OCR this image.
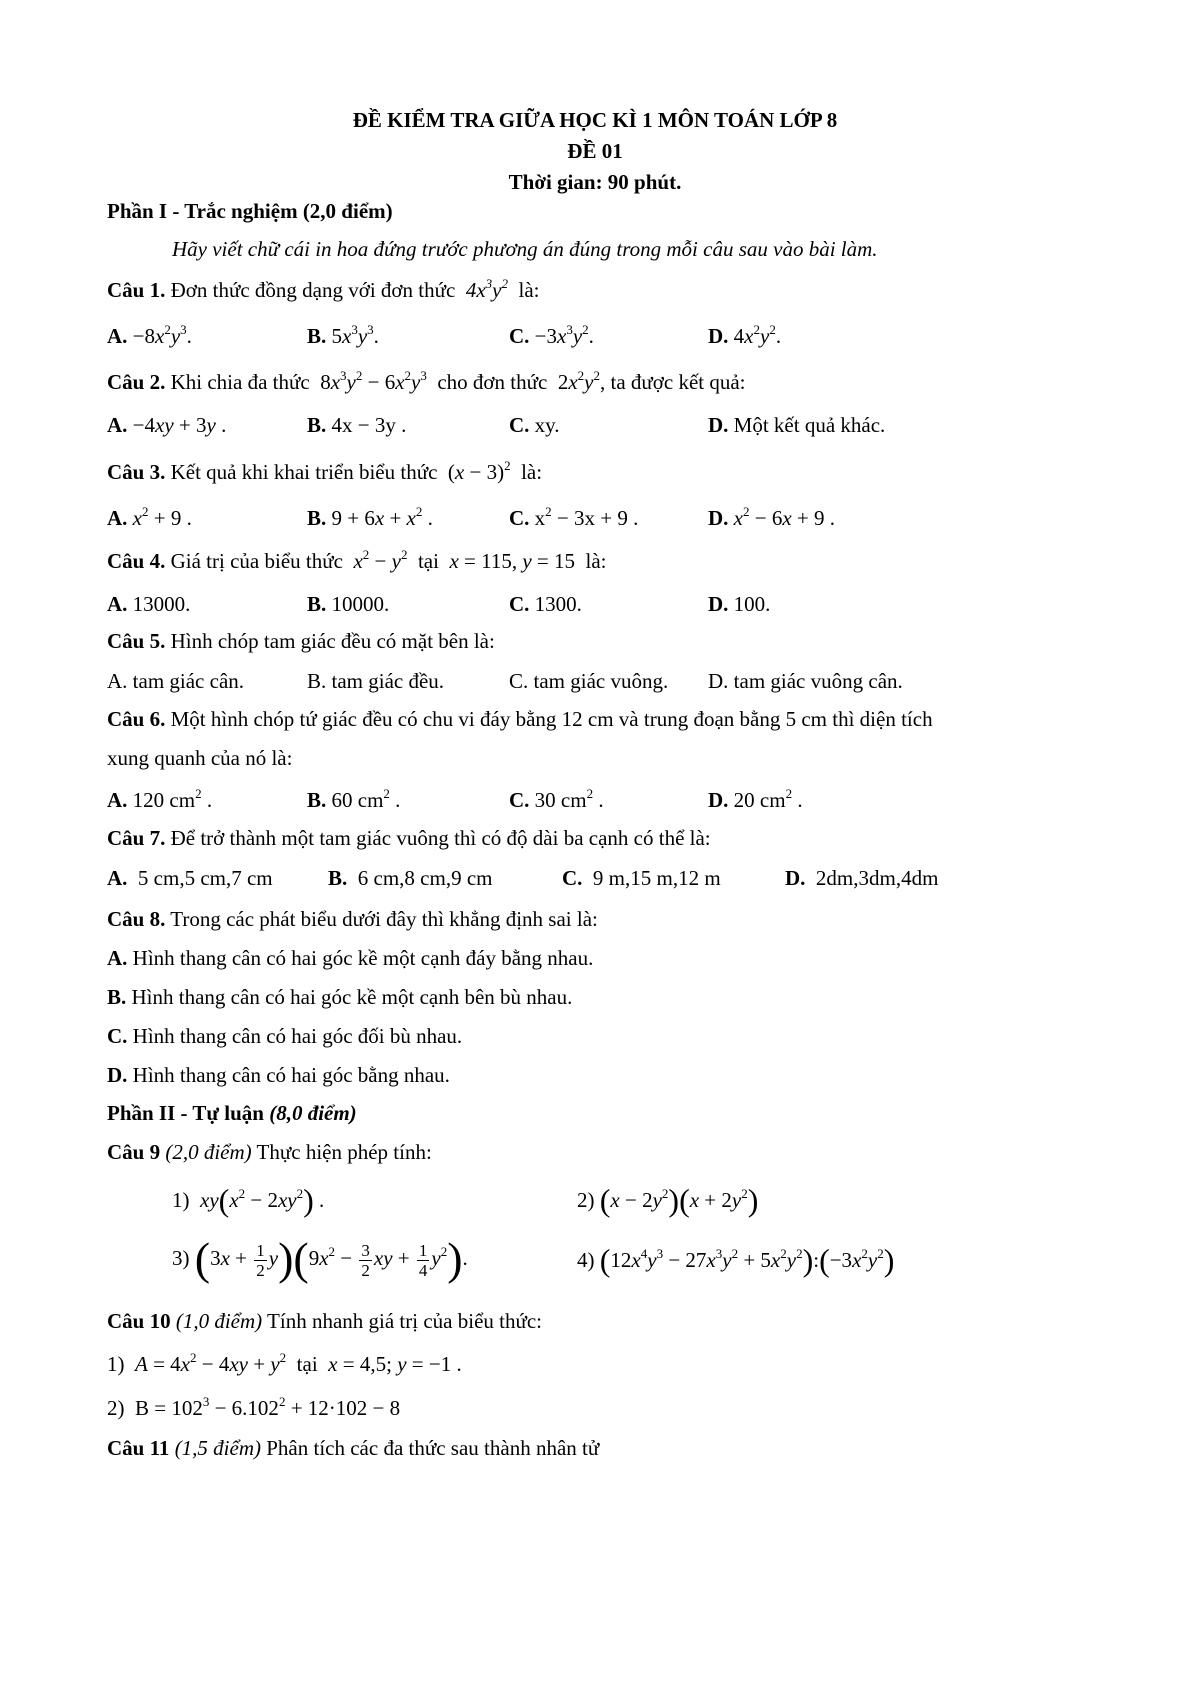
ĐỀ KIỂM TRA GIỮA HỌC KÌ 1 MÔN TOÁN LỚP 8
ĐỀ 01
Thời gian: 90 phút.
Phần I - Trắc nghiệm (2,0 điểm)
Hãy viết chữ cái in hoa đứng trước phương án đúng trong mỗi câu sau vào bài làm.
Câu 1. Đơn thức đồng dạng với đơn thức  $4x^3y^2$ là:
A. $-8x^2y^3$.	B. $5x^3y^3$.	C. $-3x^3y^2$.	D. $4x^2y^2$.
Câu 2. Khi chia đa thức  $8x^3y^2 - 6x^2y^3$ cho đơn thức  $2x^2y^2$, ta được kết quả:
A. −4xy + 3y .	B. 4x − 3y .	C. xy.	D. Một kết quả khác.
Câu 3. Kết quả khi khai triển biểu thức  $(x - 3)^2$ là:
A. $x^2 + 9$ .	B. $9 + 6x + x^2$ .	C. $x^2 - 3x + 9$ .	D. $x^2 - 6x + 9$ .
Câu 4. Giá trị của biểu thức $x^2 - y^2$ tại x = 115, y = 15  là:
A. 13000.	B. 10000.	C. 1300.	D. 100.
Câu 5. Hình chóp tam giác đều có mặt bên là:
A. tam giác cân.	B. tam giác đều.	C. tam giác vuông. D. tam giác vuông cân.
Câu 6. Một hình chóp tứ giác đều có chu vi đáy bằng 12 cm và trung đoạn bằng 5 cm thì diện tích
xung quanh của nó là:
A. 120 $cm^2$ .	B. 60 $cm^2$ .	C. 30 $cm^2$ .	D. 20 $cm^2$ .
Câu 7. Để trở thành một tam giác vuông thì có độ dài ba cạnh có thể là:
A. 5 cm,5 cm,7 cm	B. 6 cm,8 cm,9 cm	C. 9 m,15 m,12 m	D. 2dm,3dm,4dm
Câu 8. Trong các phát biểu dưới đây thì khẳng định sai là:
A. Hình thang cân có hai góc kề một cạnh đáy bằng nhau.
B. Hình thang cân có hai góc kề một cạnh bên bù nhau.
C. Hình thang cân có hai góc đối bù nhau.
D. Hình thang cân có hai góc bằng nhau.
Phần II - Tự luận (8,0 điểm)
Câu 9 (2,0 điểm) Thực hiện phép tính:
1)  $xy(x^2 - 2xy^2)$ .	2) $(x - 2y^2)(x + 2y^2)$
3) $(3x + \frac{1}{2} y)(9x^2 - \frac{3}{2}$ xy + $\frac{1}{4} y^2$).	4) ($12x^4y^3 - 27x^3y^2$ + $5x^2y^2):(-3x^2y^2)$
Câu 10 (1,0 điểm) Tính nhanh giá trị của biểu thức:
1)  $A = 4x^2 - 4xy + y^2$ tại x = 4,5; y = −1 .
2)  $B = 102^3 - 6.102^2 + 12\cdot 102 - 8$
Câu 11 (1,5 điểm) Phân tích các đa thức sau thành nhân tử
